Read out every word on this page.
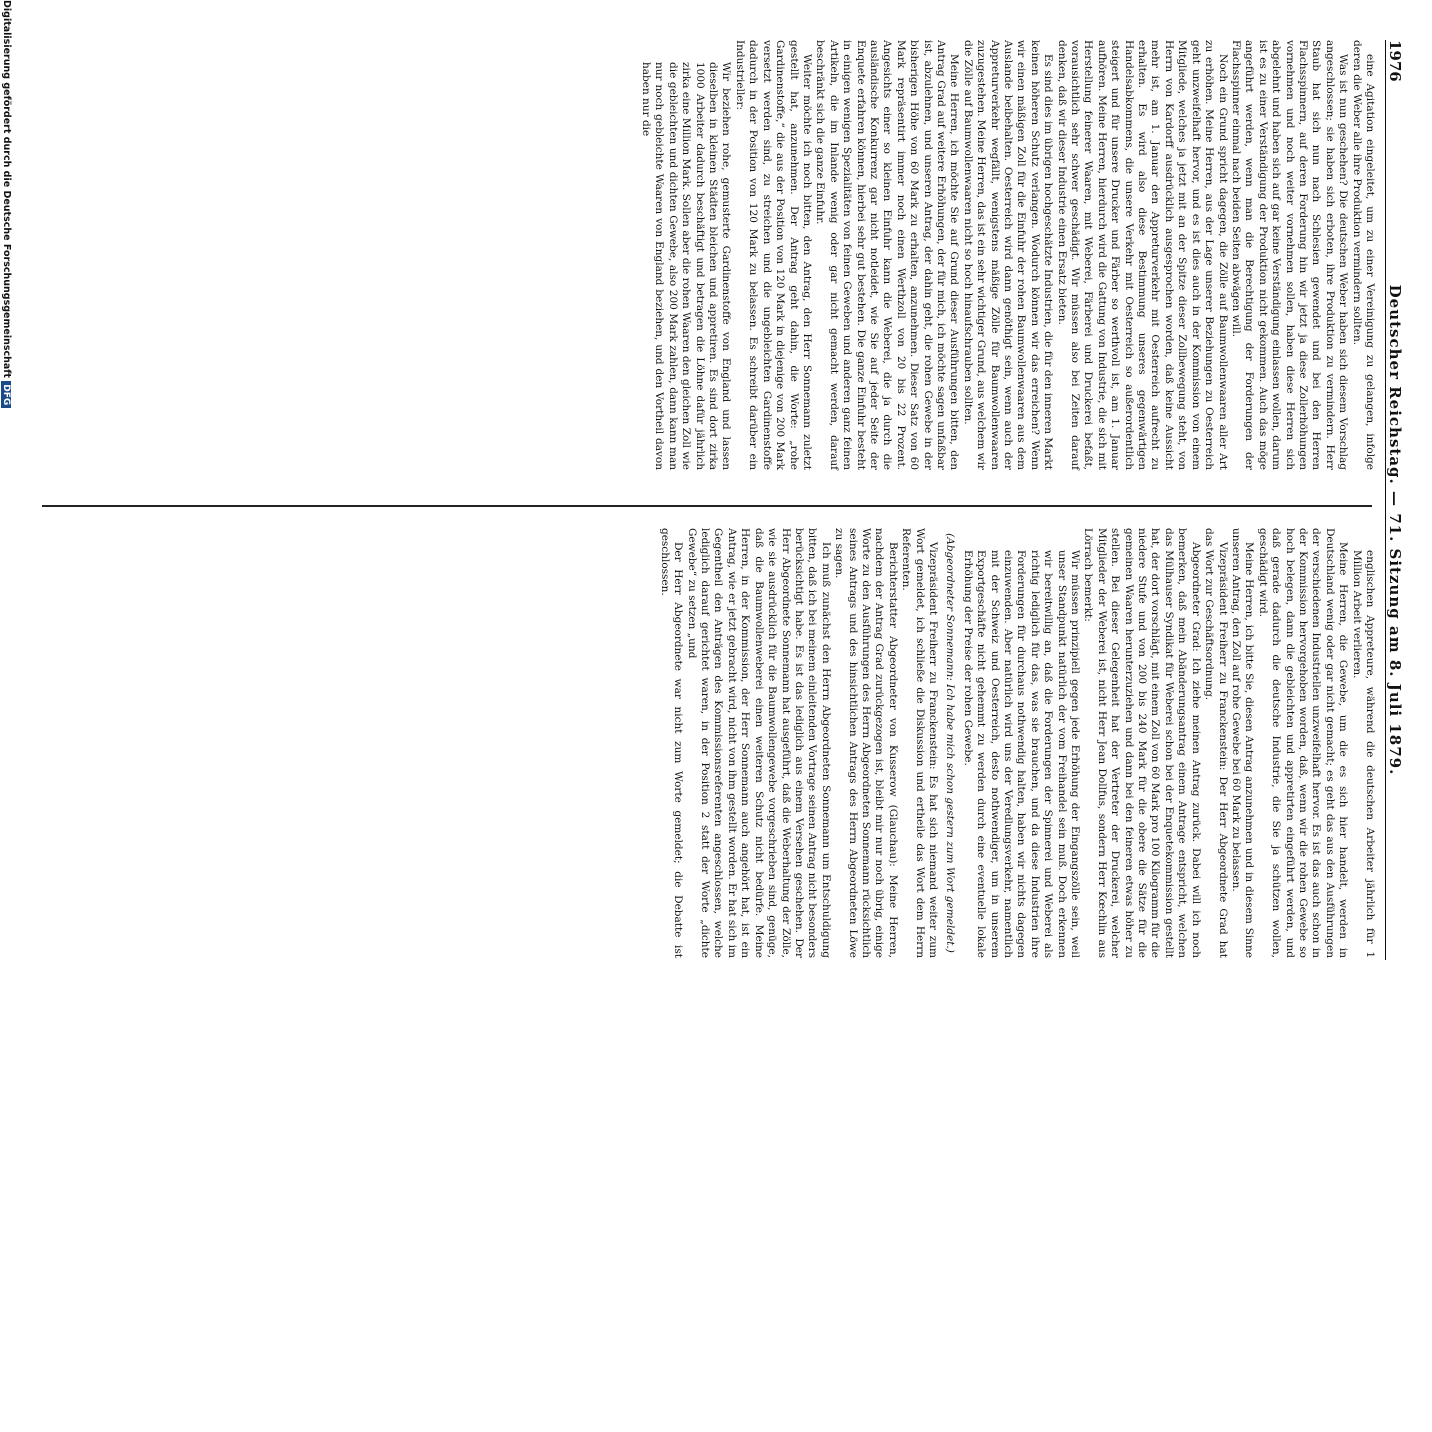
1976
Deutscher Reichstag. — 71. Sitzung am 8. Juli 1879.

eine Agitation eingeleitet, um zu einer Vereinigung zu gelangen, infolge deren die Weber alle ihre Produktion vermindern sollten.

Was ist nun geschehen? Die deutschen Weber haben sich diesem Vorschlag angeschlossen; sie haben sich erboten, ihre Produktion zu vermindern. Herr Staub hat sich nun nach Schlesien gewendet und bei den Herren Flachsspinnern, auf deren Forderung hin wir jetzt ja diese Zollerhöhungen vornehmen und noch weiter vornehmen sollen, haben diese Herren sich abgelehnt und haben sich auf gar keine Verständigung einlassen wollen, darum ist es zu einer Verständigung der Produktion nicht gekommen. Auch das möge angeführt werden, wenn man die Berechtigung der Forderungen der Flachsspinner einmal nach beiden Seiten abwägen will.

Noch ein Grund spricht dagegen, die Zölle auf Baumwollenwaaren aller Art zu erhöhen. Meine Herren, aus der Lage unserer Beziehungen zu Oesterreich geht unzweifelhaft hervor, und es ist dies auch in der Kommission von einem Mitgliede, welches ja jetzt mit an der Spitze dieser Zollbewegung steht, von Herrn von Kardorff ausdrücklich ausgesprochen worden, daß keine Aussicht mehr ist, am 1. Januar den Appreturverkehr mit Oesterreich aufrecht zu erhalten. Es wird also diese Bestimmung unseres gegenwärtigen Handelsabkommens, die unsere Verkehr mit Oesterreich so außerordentlich steigert und für unsere Drucker und Färber so werthvoll ist, am 1. Januar aufhören. Meine Herren, hierdurch wird die Gattung von Industrie, die sich mit Herstellung feinerer Waaren, mit Weberei, Färberei und Druckerei befaßt, vorausichtlich sehr schwer geschädigt. Wir müssen also bei Zeiten darauf denken, daß wir dieser Industrie einen Ersatz bieten.

Es sind dies im übrigen hochgeschätzte Industrien, die für den inneren Markt keinen höheren Schutz verlangen. Wodurch können wir das erreichen? Wenn wir einen mäßigen Zoll für die Einfuhr der rohen Baumwollenwaaren aus dem Auslande beibehalten. Oesterreich wird dann genöthigt sein, wenn auch der Appreturverkehr wegfällt, wenigstens mäßige Zölle für Baumwollenwaaren zuzugestehen. Meine Herren, das ist ein sehr wichtiger Grund, aus welchem wir die Zölle auf Baumwollenwaaren nicht so hoch hinaufschrauben sollten.

Meine Herren, ich möchte Sie auf Grund dieser Ausführungen bitten, den Antrag Grad auf weitere Erhöhungen, der für mich, ich möchte sagen unfaßbar ist, abzulehnen, und unseren Antrag, der dahin geht, die rohen Gewebe in der bisherigen Höhe von 60 Mark zu erhalten, anzunehmen. Dieser Satz von 60 Mark repräsentirt immer noch einen Werthzoll von 20 bis 22 Prozent. Angesichts einer so kleinen Einfuhr kann die Weberei, die ja durch die ausländische Konkurrenz gar nicht notleidet, wie Sie auf jeder Seite der Enquete erfahren können, hierbei sehr gut bestehen. Die ganze Einfuhr besteht in einigen wenigen Spezialitäten von feinen Geweben und anderen ganz feinen Artikeln, die im Inlande wenig oder gar nicht gemacht werden, darauf beschränkt sich die ganze Einfuhr.

Weiter möchte ich noch bitten, den Antrag, den Herr Sonnemann zuletzt gestellt hat, anzunehmen. Der Antrag geht dahin, die Worte: „rohe Gardinenstoffe,“ die aus der Position von 120 Mark in diejenige von 200 Mark versetzt werden sind, zu streichen und die ungebleichten Gardinenstoffe dadurch in der Position von 120 Mark zu belassen. Es schreibt darüber ein Industrieller:

Wir beziehen rohe, gemusterte Gardinenstoffe von England und lassen dieselben in kleinen Städten bleichen und appretiren. Es sind dort zirka 1000 Arbeiter dadurch beschäftigt und betragen die Löhne dafür jährlich zirka eine Million Mark. Sollen aber die rohen Waaren den gleichen Zoll wie die gebleichten und dichten Gewebe, also 200 Mark zahlen, dann kann man nur noch gebleichte Waaren von England beziehen, und den Vortheil davon haben nur die

englischen Appreteure, während die deutschen Arbeiter jährlich für 1 Million Arbeit verlieren.

Meine Herren, die Gewebe, um die es sich hier handelt, werden in Deutschland wenig oder gar nicht gemacht; es geht das aus den Ausführungen der verschiedenen Industriellen unzweifelhaft hervor. Es ist das auch schon in der Kommission hervorgehoben worden, daß, wenn wir die rohen Gewebe so hoch belegen, dann die gebleichten und appretirten eingeführt werden, und daß gerade dadurch die deutsche Industrie, die Sie ja schützen wollen, geschädigt wird.

Meine Herren, ich bitte Sie, diesen Antrag anzunehmen und in diesem Sinne unseren Antrag, den Zoll auf rohe Gewebe bei 60 Mark zu belassen.

Vizepräsident Freiherr zu Franckenstein: Der Herr Abgeordnete Grad hat das Wort zur Geschäftsordnung.

Abgeordneter Grad: Ich ziehe meinen Antrag zurück. Dabei will ich noch bemerken, daß mein Abänderungsantrag einem Antrage entspricht, welchen das Mülhauser Syndikat für Weberei schon bei der Enquetekommission gestellt hat, der dort vorschlägt, mit einem Zoll von 60 Mark pro 100 Kilogramm für die niedere Stufe und von 200 bis 240 Mark für die obere die Sätze für die gemeinen Waaren herunterzuziehen und dann bei den feineren etwas höher zu stellen. Bei dieser Gelegenheit hat der Vertreter der Druckerei, welcher Mitglieder der Weberei ist, nicht Herr Jean Dollfus, sondern Herr Kœchlin aus Lörrach bemerkt:

Wir müssen prinzipiell gegen jede Erhöhung der Eingangszölle sein, weil unser Standpunkt natürlich der vom Freihandel sein muß. Doch erkennen wir bereitwillig an, daß die Forderungen der Spinnerei und Weberei als richtig lediglich für das, was sie brauchen, und da diese Industrien ihre Forderungen für durchaus nothwendig halten, haben wir nichts dagegen einzuwenden. Aber natürlich wird uns der Veredlungsverkehr, namentlich mit der Schweiz und Oesterreich, desto nothwendiger, um in unserem Exportgeschäfte nicht gehemmt zu werden durch eine eventuelle lokale Erhöhung der Preise der rohen Gewebe.

(Abgeordneter Sonnemann: Ich habe mich schon gestern zum Wort gemeldet.)

Vizepräsident Freiherr zu Franckenstein: Es hat sich niemand weiter zum Wort gemeldet, ich schließe die Diskussion und ertheile das Wort dem Herrn Referenten.

Berichterstatter Abgeordneter von Kusserow (Glauchau): Meine Herren, nachdem der Antrag Grad zurückgezogen ist, bleibt mir nur noch übrig, einige Worte zu den Ausführungen des Herrn Abgeordneten Sonnemann rücksichtlich seines Antrags und des hinsichtlichen Antrags des Herrn Abgeordneten Löwe zu sagen.

Ich muß zunächst den Herrn Abgeordneten Sonnemann um Entschuldigung bitten, daß ich bei meinem einleitenden Vortrage seinen Antrag nicht besonders berücksichtigt habe. Es ist das lediglich aus einem Versehen geschehen. Der Herr Abgeordnete Sonnemann hat ausgeführt, daß die Weberhaltung der Zölle, wie sie ausdrücklich für die Baumwollengewebe vorgeschrieben sind, genüge, daß die Baumwollenweberei einen weiteren Schutz nicht bedürfe. Meine Herren, in der Kommission, der Herr Sonnemann auch angehört hat, ist ein Antrag, wie er jetzt gebracht wird, nicht von ihm gestellt worden. Er hat sich im Gegentheil den Anträgen des Kommissionsreferenten angeschlossen, welche lediglich darauf gerichtet waren, in der Position 2 statt der Worte „dichte Gewebe“ zu setzen „und

Der Herr Abgeordnete war nicht zum Worte gemeldet; die Debatte ist geschlossen.

Digitalisierung gefördert durch die Deutsche Forschungsgemeinschaft DFG
